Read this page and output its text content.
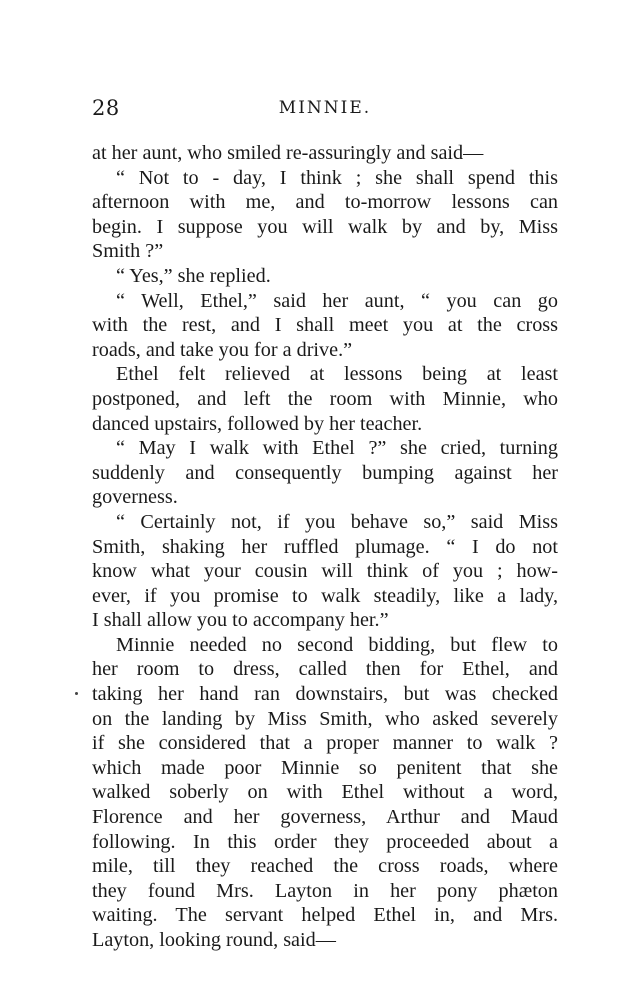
28	MINNIE.
at her aunt, who smiled re-assuringly and said—
“ Not to - day, I think ; she shall spend this
afternoon with me, and to-morrow lessons can
begin. I suppose you will walk by and by, Miss
Smith ?”
“ Yes,” she replied.
“ Well, Ethel,” said her aunt, “ you can go
with the rest, and I shall meet you at the cross
roads, and take you for a drive.”
Ethel felt relieved at lessons being at least
postponed, and left the room with Minnie, who
danced upstairs, followed by her teacher.
“ May I walk with Ethel ?” she cried, turning
suddenly and consequently bumping against her
governess.
“ Certainly not, if you behave so,” said Miss
Smith, shaking her ruffled plumage. “ I do not
know what your cousin will think of you ; how-
ever, if you promise to walk steadily, like a lady,
I shall allow you to accompany her.”
Minnie needed no second bidding, but flew to
her room to dress, called then for Ethel, and
taking her hand ran downstairs, but was checked
on the landing by Miss Smith, who asked severely
if she considered that a proper manner to walk ?
which made poor Minnie so penitent that she
walked soberly on with Ethel without a word,
Florence and her governess, Arthur and Maud
following. In this order they proceeded about a
mile, till they reached the cross roads, where
they found Mrs. Layton in her pony phæton
waiting. The servant helped Ethel in, and Mrs.
Layton, looking round, said—
